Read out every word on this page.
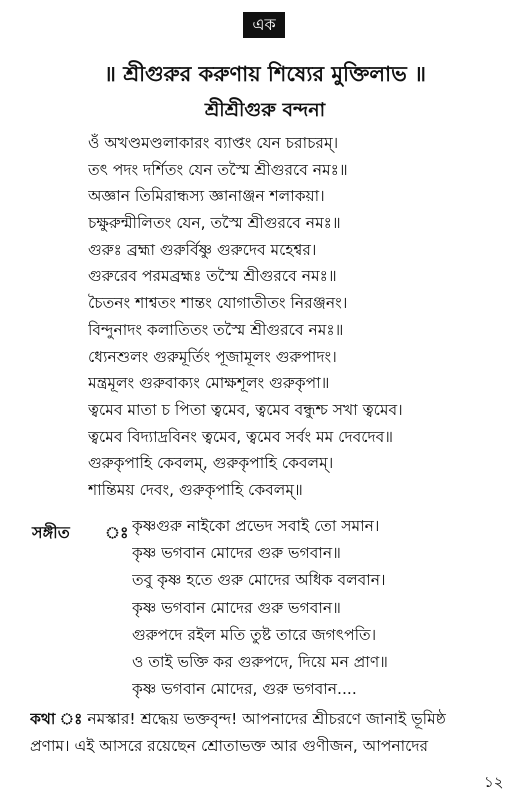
এক
॥ শ্রীগুরুর করুণায় শিষ্যের মুক্তিলাভ ॥
শ্রীশ্রীগুরু বন্দনা
ওঁ অখণ্ডমণ্ডলাকারং ব্যাপ্তং যেন চরাচরম্।
তৎ পদং দর্শিতং যেন তস্মৈ শ্রীগুরবে নমঃ॥
অজ্ঞান তিমিরান্ধস্য জ্ঞানাঞ্জন শলাকয়া।
চক্ষুরুন্মীলিতং যেন, তস্মৈ শ্রীগুরবে নমঃ॥
গুরুঃ ব্রহ্মা গুরুর্বিষ্ণু গুরুদেব মহেশ্বর।
গুরুরেব পরমব্রহ্মঃ তস্মৈ শ্রীগুরবে নমঃ॥
চৈতনং শাশ্বতং শান্তং যোগাতীতং নিরঞ্জনং।
বিন্দুনাদং কলাতিতং তস্মৈ শ্রীগুরবে নমঃ॥
ধ্যেনশুলং গুরুমূর্তিং পূজামূলং গুরুপাদং।
মন্ত্রমূলং গুরুবাক্যং মোক্ষশূলং গুরুকৃপা॥
ত্বমেব মাতা চ পিতা ত্বমেব, ত্বমেব বন্ধুশ্চ সখা ত্বমেব।
ত্বমেব বিদ্যাদ্রবিনং ত্বমেব, ত্বমেব সর্বং মম দেবদেব॥
গুরুকৃপাহি কেবলম্, গুরুকৃপাহি কেবলম্।
শান্তিময় দেবং, গুরুকৃপাহি কেবলম্॥
সঙ্গীত ঃ কৃষ্ণগুরু নাইকো প্রভেদ সবাই তো সমান।
কৃষ্ণ ভগবান মোদের গুরু ভগবান॥
তবু কৃষ্ণ হতে গুরু মোদের অধিক বলবান।
কৃষ্ণ ভগবান মোদের গুরু ভগবান॥
গুরুপদে রইল মতি তুষ্ট তারে জগৎপতি।
ও তাই ভক্তি কর গুরুপদে, দিয়ে মন প্রাণ॥
কৃষ্ণ ভগবান মোদের, গুরু ভগবান....
কথা ঃ নমস্কার! শ্রদ্ধেয় ভক্তবৃন্দ! আপনাদের শ্রীচরণে জানাই ভূমিষ্ঠ
প্রণাম। এই আসরে রয়েছেন শ্রোতাভক্ত আর গুণীজন, আপনাদের
১২
